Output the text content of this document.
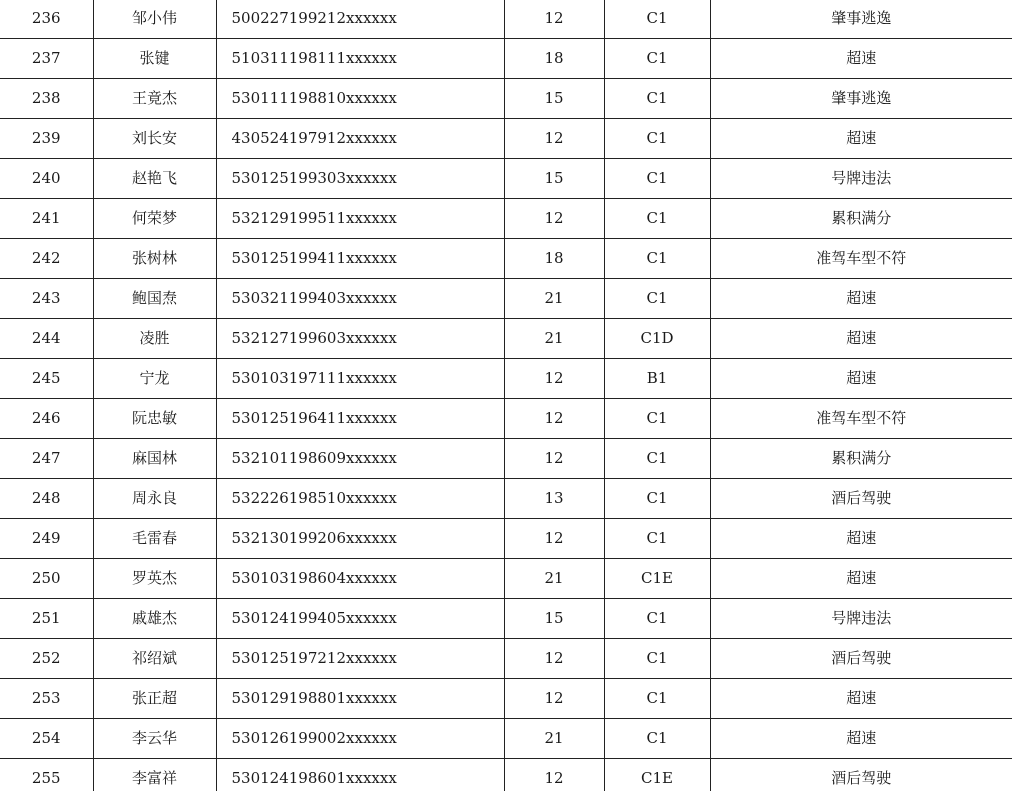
236	邹小伟	500227199212xxxxxx	12	C1	肇事逃逸
237	张键	510311198111xxxxxx	18	C1	超速
238	王竟杰	530111198810xxxxxx	15	C1	肇事逃逸
239	刘长安	430524197912xxxxxx	12	C1	超速
240	赵艳飞	530125199303xxxxxx	15	C1	号牌违法
241	何荣梦	532129199511xxxxxx	12	C1	累积满分
242	张树林	530125199411xxxxxx	18	C1	准驾车型不符
243	鲍国焘	530321199403xxxxxx	21	C1	超速
244	凌胜	532127199603xxxxxx	21	C1D	超速
245	宁龙	530103197111xxxxxx	12	B1	超速
246	阮忠敏	530125196411xxxxxx	12	C1	准驾车型不符
247	麻国林	532101198609xxxxxx	12	C1	累积满分
248	周永良	532226198510xxxxxx	13	C1	酒后驾驶
249	毛雷春	532130199206xxxxxx	12	C1	超速
250	罗英杰	530103198604xxxxxx	21	C1E	超速
251	戚雄杰	530124199405xxxxxx	15	C1	号牌违法
252	祁绍斌	530125197212xxxxxx	12	C1	酒后驾驶
253	张正超	530129198801xxxxxx	12	C1	超速
254	李云华	530126199002xxxxxx	21	C1	超速
255	李富祥	530124198601xxxxxx	12	C1E	酒后驾驶
